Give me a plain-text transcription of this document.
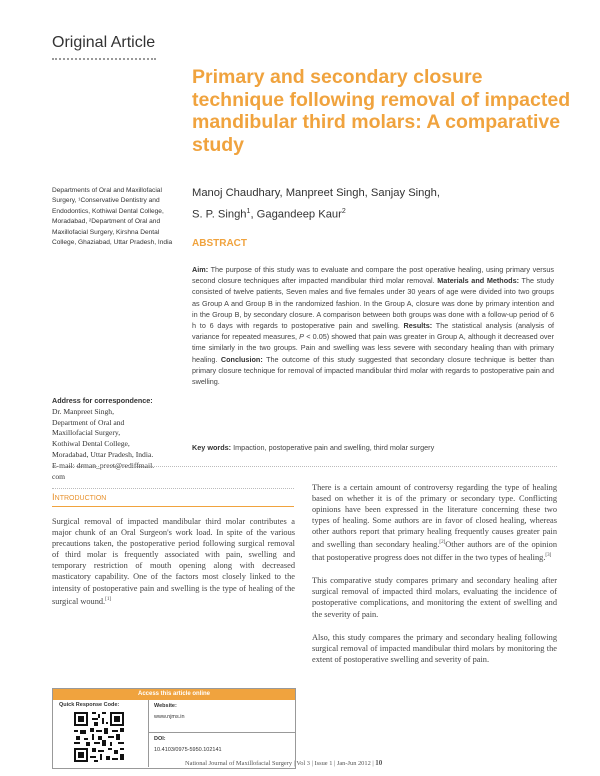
Original Article
Primary and secondary closure technique following removal of impacted mandibular third molars: A comparative study
Departments of Oral and Maxillofacial Surgery, ¹Conservative Dentistry and Endodontics, Kothiwal Dental College, Moradabad, ²Department of Oral and Maxillofacial Surgery, Kirshna Dental College, Ghaziabad, Uttar Pradesh, India
Manoj Chaudhary, Manpreet Singh, Sanjay Singh,
S. P. Singh$^1$, Gagandeep Kaur$^2$
ABSTRACT
Aim: The purpose of this study was to evaluate and compare the post operative healing, using primary versus second closure techniques after impacted mandibular third molar removal. Materials and Methods: The study consisted of twelve patients, Seven males and five females under 30 years of age were divided into two groups as Group A and Group B in the randomized fashion. In the Group A, closure was done by primary intention and in the Group B, by secondary closure. A comparison between both groups was done with a follow-up period of 6 h to 6 days with regards to postoperative pain and swelling. Results: The statistical analysis (analysis of variance for repeated measures, P < 0.05) showed that pain was greater in Group A, although it decreased over time similarly in the two groups. Pain and swelling was less severe with secondary healing than with primary healing. Conclusion: The outcome of this study suggested that secondary closure technique is better than primary closure technique for removal of impacted mandibular third molar with regards to postoperative pain and swelling.
Address for correspondence:
Dr. Manpreet Singh,
Department of Oral and
Maxillofacial Surgery,
Kothiwal Dental College,
Moradabad, Uttar Pradesh, India.
E-mail: drman_preet@rediffmail.
com
Key words: Impaction, postoperative pain and swelling, third molar surgery
Introduction

Surgical removal of impacted mandibular third molar contributes a major chunk of an Oral Surgeon's work load. In spite of the various precautions taken, the postoperative period following surgical removal of third molar is frequently associated with pain, swelling and temporary restriction of mouth opening along with decreased masticatory capability. One of the factors most closely linked to the intensity of postoperative pain and swelling is the type of healing of the surgical wound.[1]

There is a certain amount of controversy regarding the type of healing based on whether it is of the primary or secondary type. Conflicting opinions have been expressed in the literature concerning these two types of healing. Some authors are in favor of closed healing, whereas other authors report that primary healing frequently causes greater pain and swelling than secondary healing.[2]Other authors are of the opinion that postoperative progress does not differ in the two types of healing.[3]

This comparative study compares primary and secondary healing after surgical removal of impacted third molars, evaluating the incidence of postoperative complications, and monitoring the extent of swelling and the severity of pain.

Also, this study compares the primary and secondary healing following surgical removal of impacted mandibular third molars by monitoring the extent of postoperative swelling and severity of pain.

Access this article online
Quick Response Code:	Website:
www.njms.in
DOI:
10.4103/0975-5950.102141
National Journal of Maxillofacial Surgery | Vol 3 | Issue 1 | Jan-Jun 2012 | 10
